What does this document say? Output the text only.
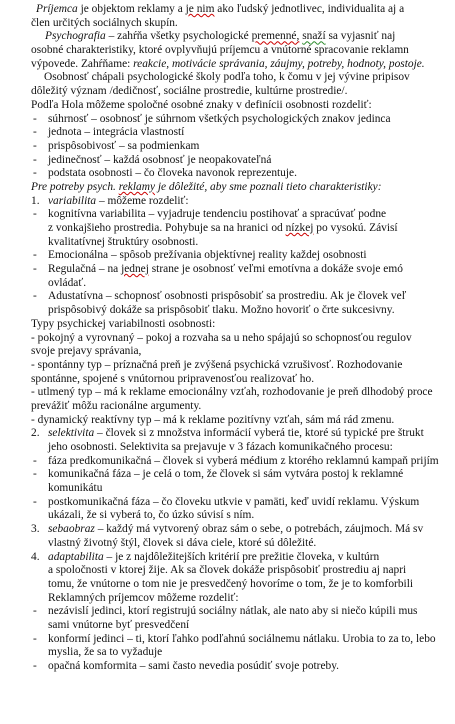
Príjemca je objektom reklamy a je nim ako ľudský jednotlivec, individualita aj a
člen určitých sociálnych skupín.
Psychografia – zahŕňa všetky psychologické premenné, snaží sa vyjasniť naj
osobné charakteristiky, ktoré ovplyvňujú príjemcu a vnútorné spracovanie reklamn
výpovede. Zahŕňame: reakcie, motivácie správania, záujmy, potreby, hodnoty, postoje.
Osobnosť chápali psychologické školy podľa toho, k čomu v jej vývine pripisov
dôležitý význam /dedičnosť, sociálne prostredie, kultúrne prostredie/.
Podľa Hola môžeme spoločné osobné znaky v definícii osobnosti rozdeliť:
- súhrnosť – osobnosť je súhrnom všetkých psychologických znakov jedinca
- jednota – integrácia vlastností
- prispôsobivosť – sa podmienkam
- jedinečnosť – každá osobnosť je neopakovateľná
- podstata osobnosti – čo človeka navonok reprezentuje.
Pre potreby psych. reklamy je dôležité, aby sme poznali tieto charakteristiky:
1. variabilita – môžeme rozdeliť:
- kognitívna variabilita – vyjadruje tendenciu postihovať a spracúvať podne
z vonkajšieho prostredia. Pohybuje sa na hranici od nízkej po vysokú. Závisí
kvalitatívnej štruktúry osobnosti.
- Emocionálna – spôsob prežívania objektívnej reality každej osobnosti
- Regulačná – na jednej strane je osobnosť veľmi emotívna a dokáže svoje emó
ovládať.
- Adustatívna – schopnosť osobnosti prispôsobiť sa prostrediu. Ak je človek veľ
prispôsobivý dokáže sa prispôsobiť tlaku. Možno hovoriť o črte sukcesivny.
Typy psychickej variabilnosti osobnosti:
- pokojný a vyrovnaný – pokoj a rozvaha sa u neho spájajú so schopnosťou regulov
svoje prejavy správania,
- spontánny typ – príznačná preň je zvýšená psychická vzrušivosť. Rozhodovanie
spontánne, spojené s vnútornou pripravenosťou realizovať ho.
- utlmený typ – má k reklame emocionálny vzťah, rozhodovanie je preň dlhodobý proce
prevážiť môžu racionálne argumenty.
- dynamický reaktívny typ – má k reklame pozitívny vzťah, sám má rád zmenu.
2. selektivita – človek si z množstva informácií vyberá tie, ktoré sú typické pre štrukt
jeho osobnosti. Selektivita sa prejavuje v 3 fázach komunikačného procesu:
- fáza predkomunikačná – človek si vyberá médium z ktorého reklamnú kampaň prijím
- komunikačná fáza – je celá o tom, že človek si sám vytvára postoj k reklamné
komunikátu
- postkomunikačná fáza – čo človeku utkvie v pamäti, keď uvidí reklamu. Výskum
ukázali, že si vyberá to, čo úzko súvisí s ním.
3. sebaobraz – každý má vytvorený obraz sám o sebe, o potrebách, záujmoch. Má sv
vlastný životný štýl, človek si dáva ciele, ktoré sú dôležité.
4. adaptabilita – je z najdôležitejších kritérií pre prežitie človeka, v kultúrn
a spoločnosti v ktorej žije. Ak sa človek dokáže prispôsobiť prostrediu aj napri
tomu, že vnútorne o tom nie je presvedčený hovoríme o tom, že je to komforbili
Reklamných príjemcov môžeme rozdeliť:
- nezávislí jedinci, ktorí registrujú sociálny nátlak, ale nato aby si niečo kúpili mus
sami vnútorne byť presvedčení
- konformí jedinci – ti, ktorí ľahko podľahnú sociálnemu nátlaku. Urobia to za to, lebo
myslia, že sa to vyžaduje
- opačná komformita – sami často nevedia posúdiť svoje potreby.
